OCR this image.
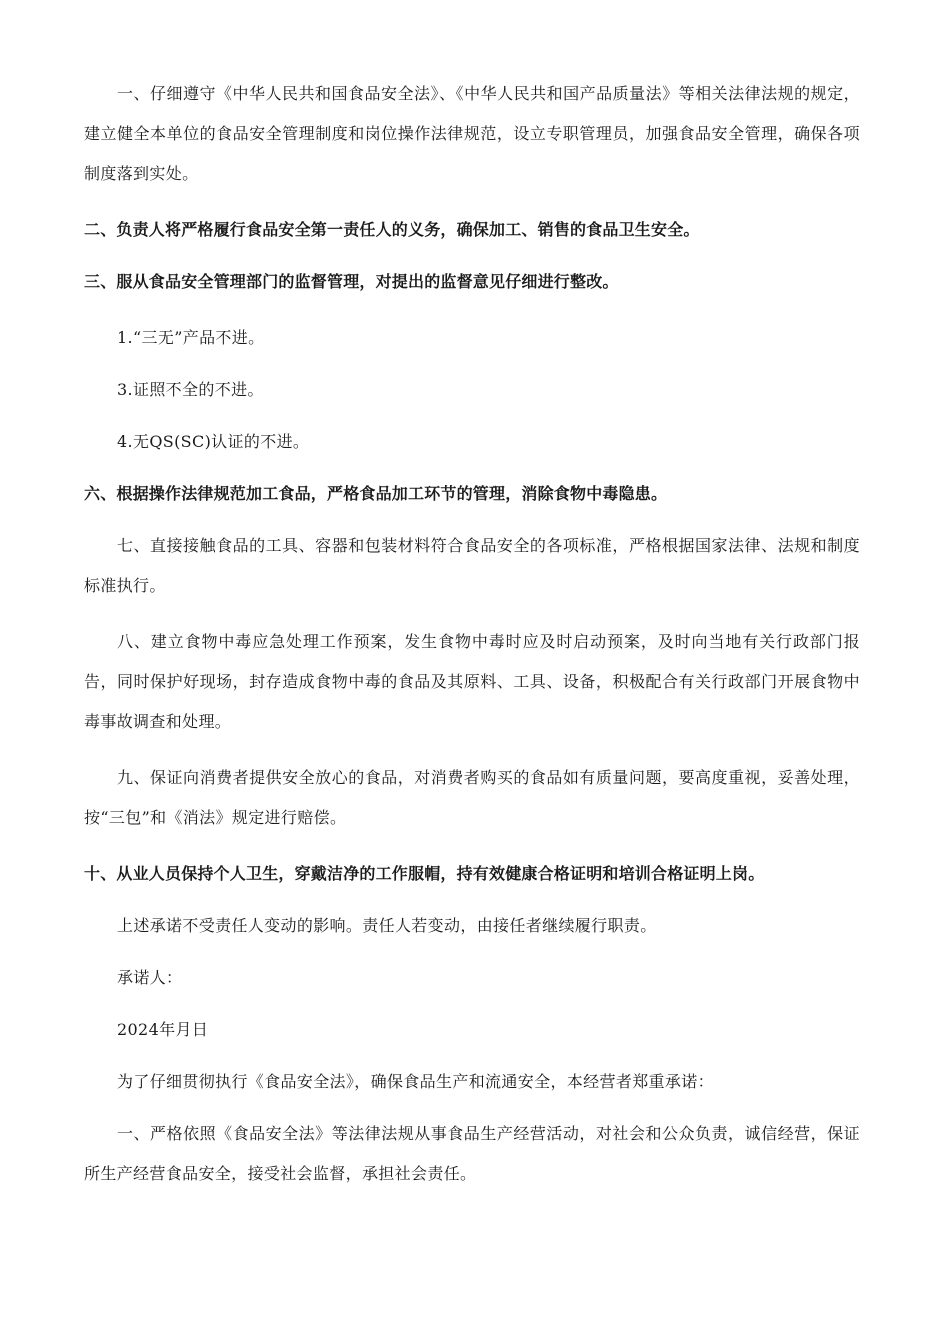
一、仔细遵守《中华人民共和国食品安全法》、《中华人民共和国产品质量法》等相关法律法规的规定，建立健全本单位的食品安全管理制度和岗位操作法律规范，设立专职管理员，加强食品安全管理，确保各项制度落到实处。

二、负责人将严格履行食品安全第一责任人的义务，确保加工、销售的食品卫生安全。

三、服从食品安全管理部门的监督管理，对提出的监督意见仔细进行整改。

1.“三无”产品不进。

3.证照不全的不进。

4.无QS(SC)认证的不进。

六、根据操作法律规范加工食品，严格食品加工环节的管理，消除食物中毒隐患。

七、直接接触食品的工具、容器和包装材料符合食品安全的各项标准，严格根据国家法律、法规和制度标准执行。

八、建立食物中毒应急处理工作预案，发生食物中毒时应及时启动预案，及时向当地有关行政部门报告，同时保护好现场，封存造成食物中毒的食品及其原料、工具、设备，积极配合有关行政部门开展食物中毒事故调查和处理。

九、保证向消费者提供安全放心的食品，对消费者购买的食品如有质量问题，要高度重视，妥善处理，按“三包”和《消法》规定进行赔偿。

十、从业人员保持个人卫生，穿戴洁净的工作服帽，持有效健康合格证明和培训合格证明上岗。

上述承诺不受责任人变动的影响。责任人若变动，由接任者继续履行职责。

承诺人：

2024年月日

为了仔细贯彻执行《食品安全法》，确保食品生产和流通安全，本经营者郑重承诺：

一、严格依照《食品安全法》等法律法规从事食品生产经营活动，对社会和公众负责，诚信经营，保证所生产经营食品安全，接受社会监督，承担社会责任。
